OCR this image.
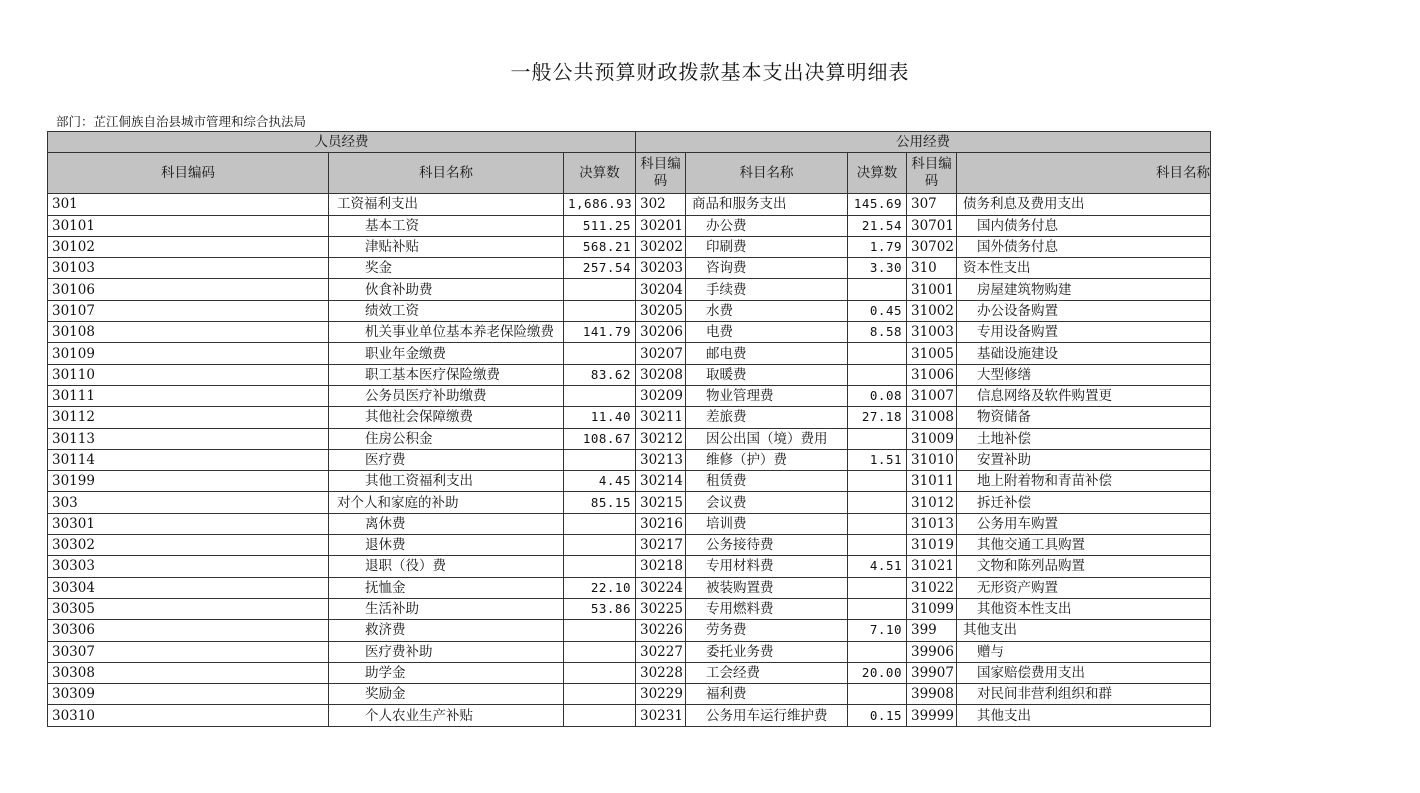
一般公共预算财政拨款基本支出决算明细表
部门：芷江侗族自治县城市管理和综合执法局
人员经费			公用经费				
科目编码	科目名称	决算数	科目编码	科目名称	决算数	科目编码	科目名称
301	工资福利支出	1,686.93	302	商品和服务支出	145.69	307	债务利息及费用支出
30101	基本工资	511.25	30201	办公费	21.54	30701	国内债务付息
30102	津贴补贴	568.21	30202	印刷费	1.79	30702	国外债务付息
30103	奖金	257.54	30203	咨询费	3.30	310	资本性支出
30106	伙食补助费		30204	手续费		31001	房屋建筑物购建
30107	绩效工资		30205	水费	0.45	31002	办公设备购置
30108	机关事业单位基本养老保险缴费	141.79	30206	电费	8.58	31003	专用设备购置
30109	职业年金缴费		30207	邮电费		31005	基础设施建设
30110	职工基本医疗保险缴费	83.62	30208	取暖费		31006	大型修缮
30111	公务员医疗补助缴费		30209	物业管理费	0.08	31007	信息网络及软件购置更
30112	其他社会保障缴费	11.40	30211	差旅费	27.18	31008	物资储备
30113	住房公积金	108.67	30212	因公出国（境）费用		31009	土地补偿
30114	医疗费		30213	维修（护）费	1.51	31010	安置补助
30199	其他工资福利支出	4.45	30214	租赁费		31011	地上附着物和青苗补偿
303	对个人和家庭的补助	85.15	30215	会议费		31012	拆迁补偿
30301	离休费		30216	培训费		31013	公务用车购置
30302	退休费		30217	公务接待费		31019	其他交通工具购置
30303	退职（役）费		30218	专用材料费	4.51	31021	文物和陈列品购置
30304	抚恤金	22.10	30224	被装购置费		31022	无形资产购置
30305	生活补助	53.86	30225	专用燃料费		31099	其他资本性支出
30306	救济费		30226	劳务费	7.10	399	其他支出
30307	医疗费补助		30227	委托业务费		39906	赠与
30308	助学金		30228	工会经费	20.00	39907	国家赔偿费用支出
30309	奖励金		30229	福利费		39908	对民间非营利组织和群
30310	个人农业生产补贴		30231	公务用车运行维护费	0.15	39999	其他支出
